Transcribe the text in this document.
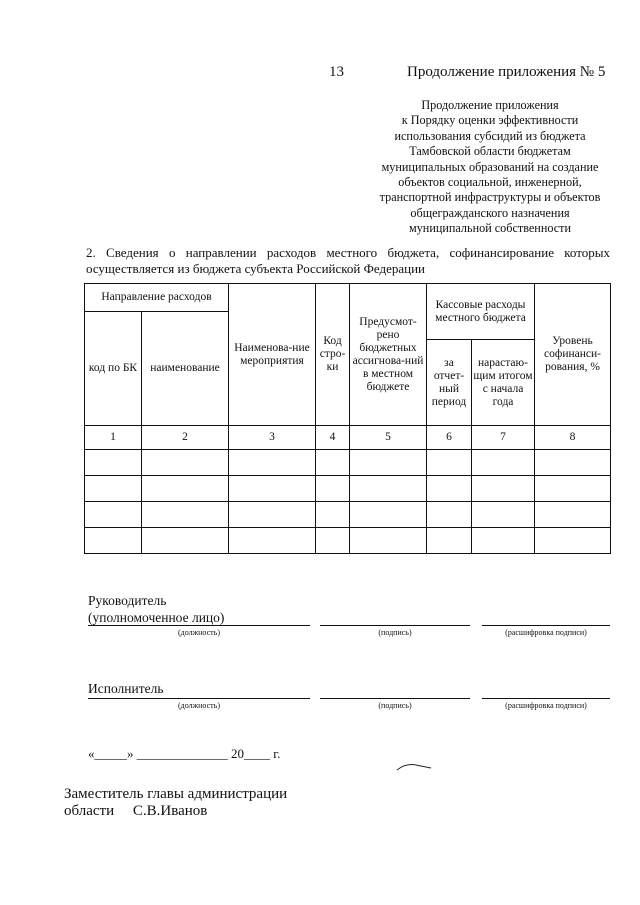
13	Продолжение приложения № 5
Продолжение приложения
к Порядку оценки эффективности
использования субсидий из бюджета
Тамбовской области бюджетам
муниципальных образований на создание
объектов социальной, инженерной,
транспортной инфраструктуры и объектов
общегражданского назначения
муниципальной собственности
2. Сведения о направлении расходов местного бюджета, софинансирование которых
осуществляется из бюджета субъекта Российской Федерации
Направление расходов		Наименова-ние мероприятия	Код стро-ки	Предусмот-рено бюджетных ассигнова-ний в местном бюджете	Кассовые расходы местного бюджета		Уровень софинанси-рования, %
код по БК	наименование						
					за отчет-ный период	нарастаю-щим итогом с начала года	
1	2	3	4	5	6	7	8

Руководитель
(уполномоченное лицо)
(должность)	(подпись)	(расшифровка подписи)
Исполнитель
(должность)	(подпись)	(расшифровка подписи)
«_____» ______________ 20____ г.
Заместитель главы администрации
области     С.В.Иванов
